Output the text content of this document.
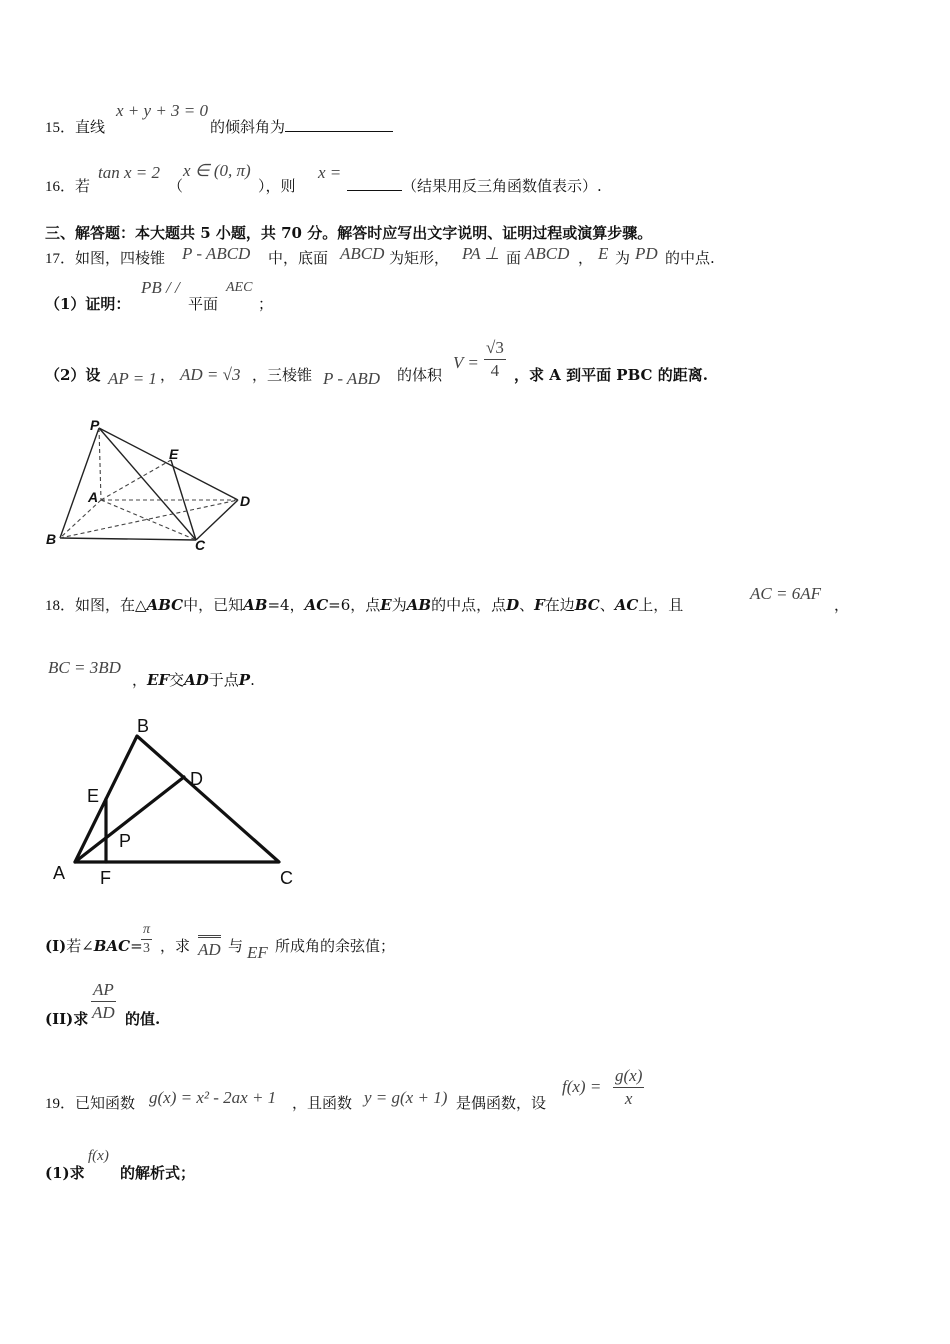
15．直线
x + y + 3 = 0
的倾斜角为
16．若
tan x = 2
（
x ∈ (0, π)
），则
x =
（结果用反三角函数值表示）.
三、解答题：本大题共 5 小题，共 70 分。解答时应写出文字说明、证明过程或演算步骤。
17．如图，四棱锥 P - ABCD 中，底面 ABCD 为矩形， PA ⊥ 面 ABCD ， E 为 PD 的中点.
（1）证明：
PB / /
平面
AEC
；
（2）设 AP = 1 ， AD = √3 ，三棱锥 P - ABD 的体积
$V = \frac{√3}{4}$ ，求 A 到平面 PBC 的距离.
P
E
A	D
B	C
18．如图，在△ABC中，已知AB=4，AC=6，点E为AB的中点，点D、F在边BC、AC上，且
AC = 6AF
，
BC = 3BD
，EF交AD于点P.
B
D
E
P
A F	C
(I)若∠BAC=
$\frac{\pi}{3}$ ，求 AD 与 EF 所成角的余弦值；
(II)求 $\frac{AP}{AD}$ 的值.
19．已知函数 g(x) = x² - 2ax + 1 ，且函数 y = g(x + 1) 是偶函数，设
$f(x) = \frac{g(x)}{x}$
(1)求
f(x)
的解析式；
